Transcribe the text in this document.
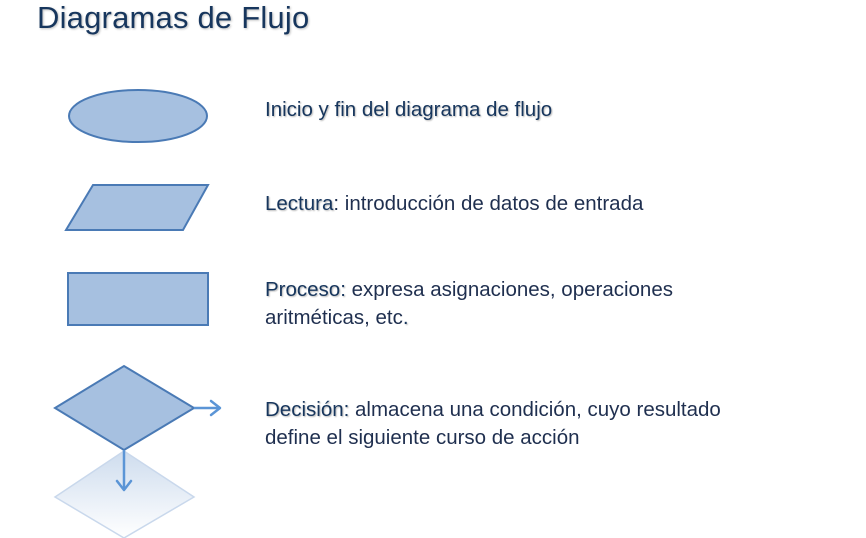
Diagramas de Flujo
Inicio y fin del diagrama de flujo
Lectura: introducción de datos de entrada
Proceso: expresa asignaciones, operaciones
aritméticas, etc.
Decisión: almacena una condición, cuyo resultado
define el siguiente curso de acción
